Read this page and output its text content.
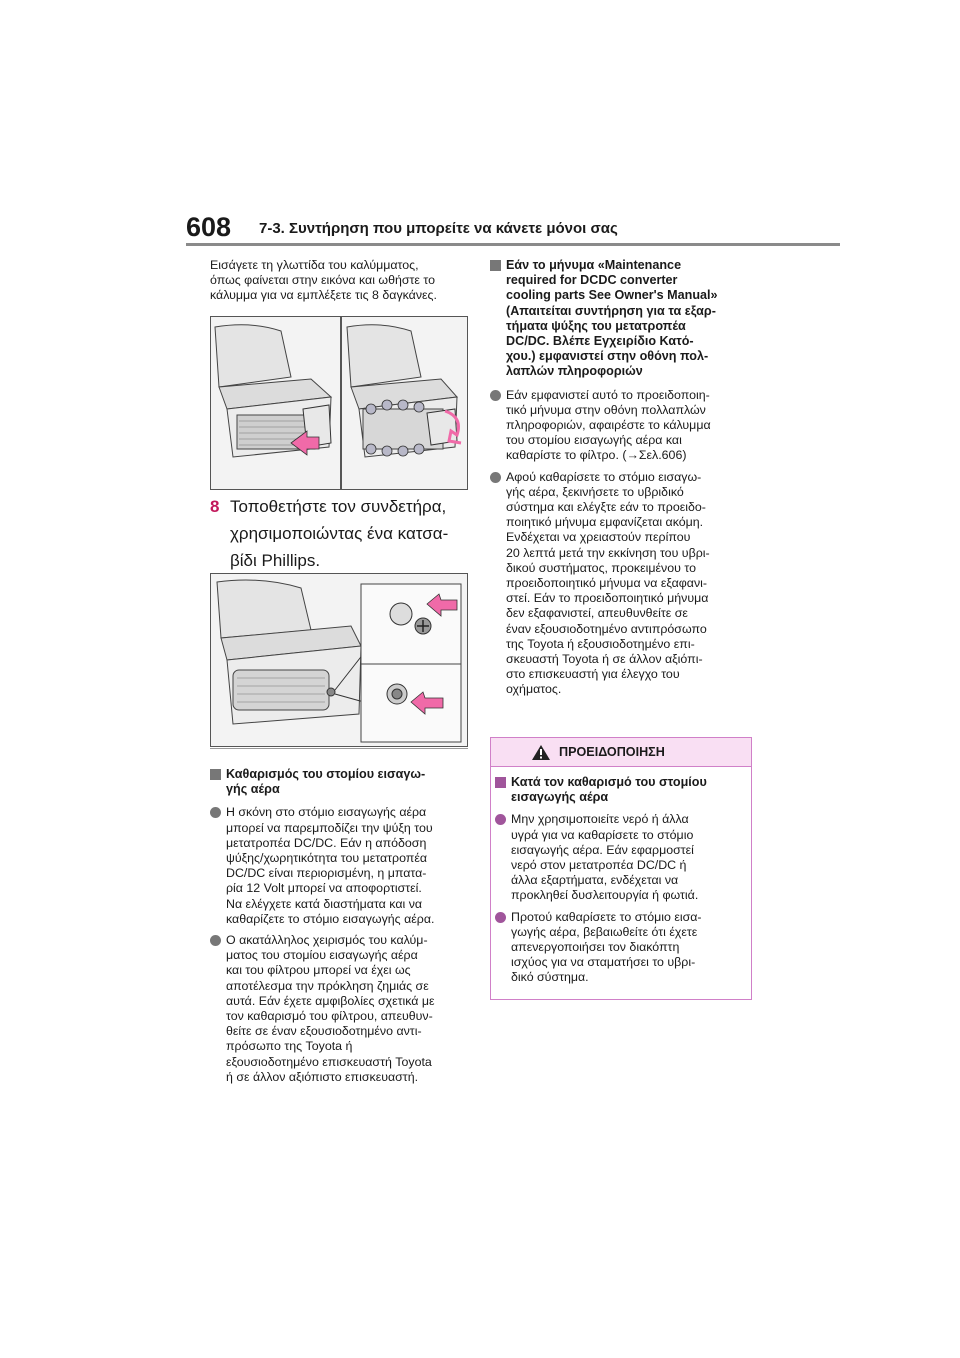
608 7-3. Συντήρηση που μπορείτε να κάνετε μόνοι σας

Εισάγετε τη γλωττίδα του καλύμματος,

όπως φαίνεται στην εικόνα και ωθήστε το

κάλυμμα για να εμπλέξετε τις 8 δαγκάνες.

8 Τοποθετήστε τον συνδετήρα,
χρησιμοποιώντας ένα κατσα-
βίδι Phillips.
Καθαρισμός του στομίου εισαγω-
γής αέρα
Η σκόνη στο στόμιο εισαγωγής αέρα
μπορεί να παρεμποδίζει την ψύξη του
μετατροπέα DC/DC. Εάν η απόδοση
ψύξης/χωρητικότητα του μετατροπέα
DC/DC είναι περιορισμένη, η μπατα-
ρία 12 Volt μπορεί να αποφορτιστεί.
Να ελέγχετε κατά διαστήματα και να
καθαρίζετε το στόμιο εισαγωγής αέρα.
Ο ακατάλληλος χειρισμός του καλύμ-
ματος του στομίου εισαγωγής αέρα
και του φίλτρου μπορεί να έχει ως
αποτέλεσμα την πρόκληση ζημιάς σε
αυτά. Εάν έχετε αμφιβολίες σχετικά με
τον καθαρισμό του φίλτρου, απευθυν-
θείτε σε έναν εξουσιοδοτημένο αντι-
πρόσωπο της Toyota ή
εξουσιοδοτημένο επισκευαστή Toyota
ή σε άλλον αξιόπιστο επισκευαστή.
Εάν το μήνυμα «Maintenance
required for DCDC converter
cooling parts See Owner's Manual»
(Απαιτείται συντήρηση για τα εξαρ-
τήματα ψύξης του μετατροπέα
DC/DC. Βλέπε Εγχειρίδιο Κατό-
χου.) εμφανιστεί στην οθόνη πολ-
λαπλών πληροφοριών
Εάν εμφανιστεί αυτό το προειδοποιη-
τικό μήνυμα στην οθόνη πολλαπλών
πληροφοριών, αφαιρέστε το κάλυμμα
του στομίου εισαγωγής αέρα και
καθαρίστε το φίλτρο. (→Σελ.606)
Αφού καθαρίσετε το στόμιο εισαγω-
γής αέρα, ξεκινήσετε το υβριδικό
σύστημα και ελέγξτε εάν το προειδο-
ποιητικό μήνυμα εμφανίζεται ακόμη.
Ενδέχεται να χρειαστούν περίπου
20 λεπτά μετά την εκκίνηση του υβρι-
δικού συστήματος, προκειμένου το
προειδοποιητικό μήνυμα να εξαφανι-
στεί. Εάν το προειδοποιητικό μήνυμα
δεν εξαφανιστεί, απευθυνθείτε σε
έναν εξουσιοδοτημένο αντιπρόσωπο
της Toyota ή εξουσιοδοτημένο επι-
σκευαστή Toyota ή σε άλλον αξιόπι-
στο επισκευαστή για έλεγχο του
οχήματος.
ΠΡΟΕΙΔΟΠΟΙΗΣΗ
Κατά τον καθαρισμό του στομίου
εισαγωγής αέρα
Μην χρησιμοποιείτε νερό ή άλλα
υγρά για να καθαρίσετε το στόμιο
εισαγωγής αέρα. Εάν εφαρμοστεί
νερό στον μετατροπέα DC/DC ή
άλλα εξαρτήματα, ενδέχεται να
προκληθεί δυσλειτουργία ή φωτιά.
Προτού καθαρίσετε το στόμιο εισα-
γωγής αέρα, βεβαιωθείτε ότι έχετε
απενεργοποιήσει τον διακόπτη
ισχύος για να σταματήσει το υβρι-
δικό σύστημα.
